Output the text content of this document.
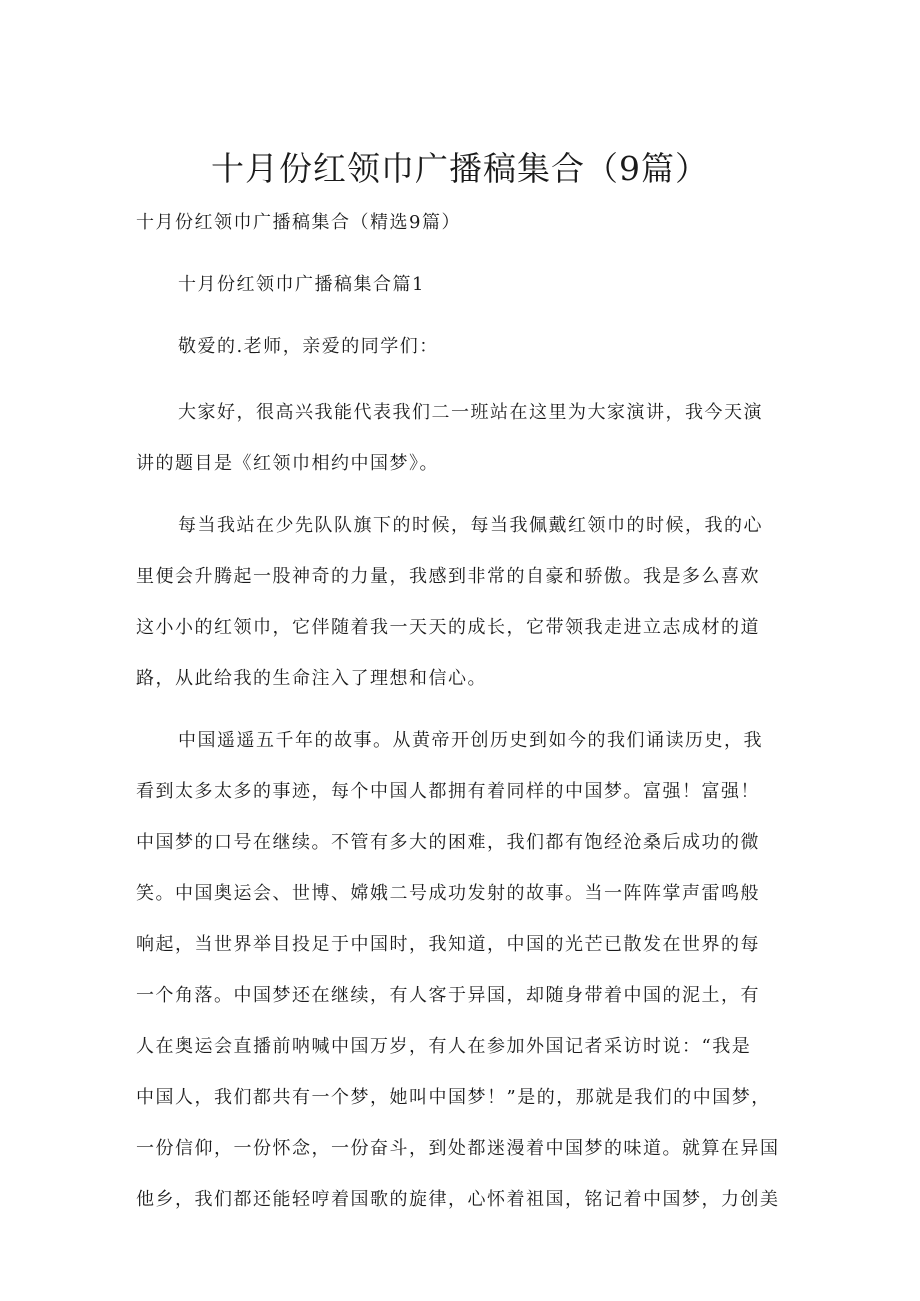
十月份红领巾广播稿集合（9篇）
十月份红领巾广播稿集合（精选9篇）
十月份红领巾广播稿集合篇1
敬爱的.老师，亲爱的同学们：
大家好，很高兴我能代表我们二一班站在这里为大家演讲，我今天演
讲的题目是《红领巾相约中国梦》。
每当我站在少先队队旗下的时候，每当我佩戴红领巾的时候，我的心
里便会升腾起一股神奇的力量，我感到非常的自豪和骄傲。我是多么喜欢
这小小的红领巾，它伴随着我一天天的成长，它带领我走进立志成材的道
路，从此给我的生命注入了理想和信心。
中国遥遥五千年的故事。从黄帝开创历史到如今的我们诵读历史，我
看到太多太多的事迹，每个中国人都拥有着同样的中国梦。富强！富强！
中国梦的口号在继续。不管有多大的困难，我们都有饱经沧桑后成功的微
笑。中国奥运会、世博、嫦娥二号成功发射的故事。当一阵阵掌声雷鸣般
响起，当世界举目投足于中国时，我知道，中国的光芒已散发在世界的每
一个角落。中国梦还在继续，有人客于异国，却随身带着中国的泥土，有
人在奥运会直播前呐喊中国万岁，有人在参加外国记者采访时说：“我是
中国人，我们都共有一个梦，她叫中国梦！”是的，那就是我们的中国梦，
一份信仰，一份怀念，一份奋斗，到处都迷漫着中国梦的味道。就算在异国
他乡，我们都还能轻哼着国歌的旋律，心怀着祖国，铭记着中国梦，力创美
